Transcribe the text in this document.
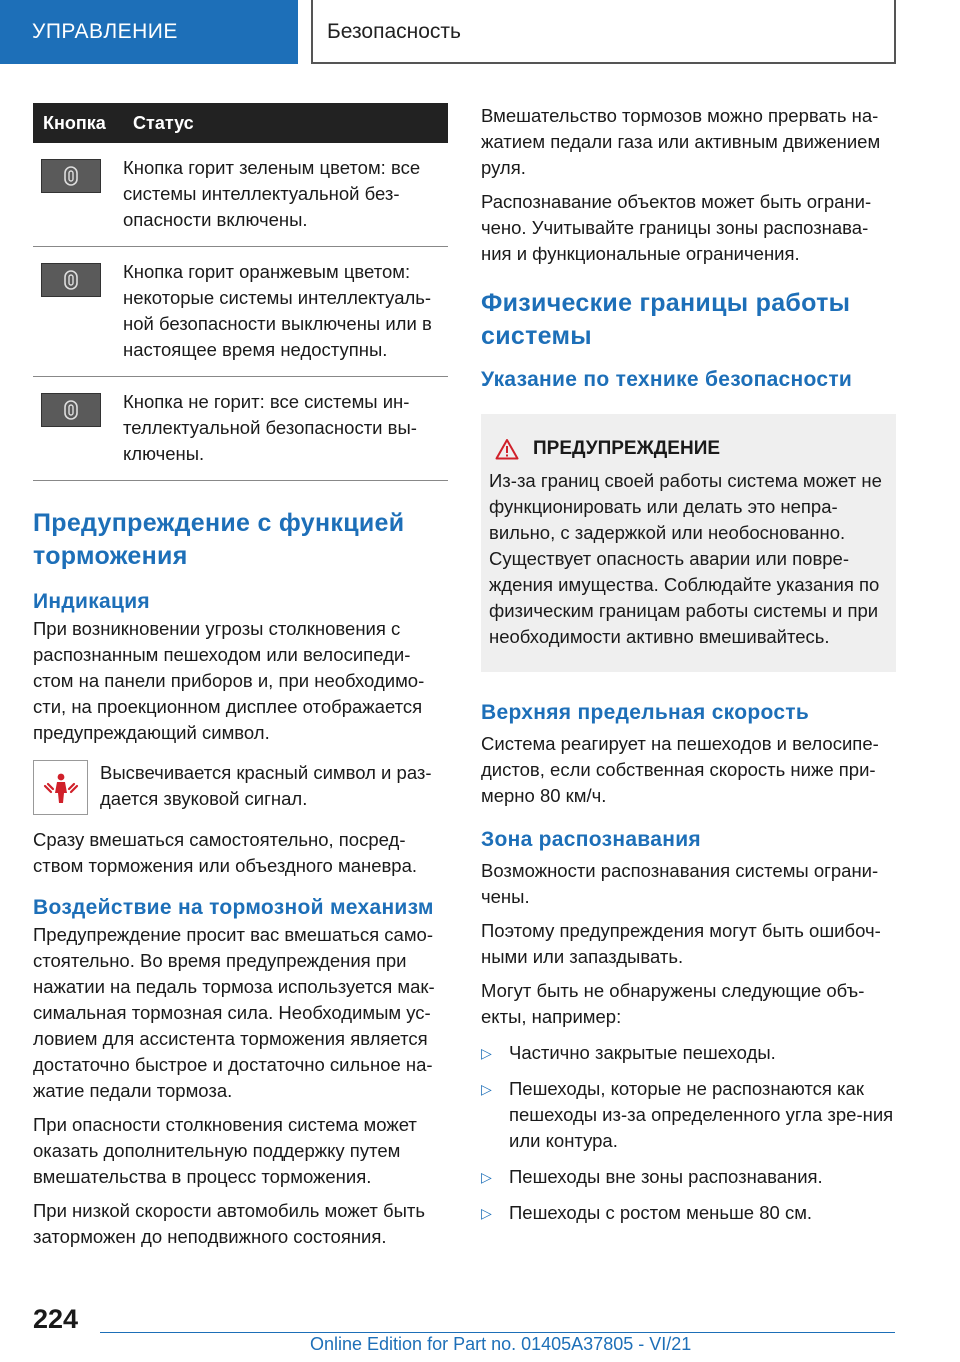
УПРАВЛЕНИЕ	Безопасность
Кнопка	Статус
Кнопка горит зеленым цветом: все системы интеллектуальной без-опасности включены.
Кнопка горит оранжевым цветом: некоторые системы интеллектуаль-ной безопасности выключены или в настоящее время недоступны.
Кнопка не горит: все системы ин-теллектуальной безопасности вы-ключены.
Предупреждение с функцией торможения
Индикация

При возникновении угрозы столкновения с распознанным пешеходом или велосипеди-стом на панели приборов и, при необходимо-сти, на проекционном дисплее отображается предупреждающий символ.

Высвечивается красный символ и раз-дается звуковой сигнал.

Сразу вмешаться самостоятельно, посред-ством торможения или объездного маневра.

Воздействие на тормозной механизм

Предупреждение просит вас вмешаться само-стоятельно. Во время предупреждения при нажатии на педаль тормоза используется мак-симальная тормозная сила. Необходимым ус-ловием для ассистента торможения является достаточно быстрое и достаточно сильное на-жатие педали тормоза.

При опасности столкновения система может оказать дополнительную поддержку путем вмешательства в процесс торможения.

При низкой скорости автомобиль может быть заторможен до неподвижного состояния.

Вмешательство тормозов можно прервать на-жатием педали газа или активным движением руля.

Распознавание объектов может быть ограни-чено. Учитывайте границы зоны распознава-ния и функциональные ограничения.

Физические границы работы системы
Указание по технике безопасности
ПРЕДУПРЕЖДЕНИЕ

Из-за границ своей работы система может не функционировать или делать это непра-вильно, с задержкой или необоснованно. Существует опасность аварии или повре-ждения имущества. Соблюдайте указания по физическим границам работы системы и при необходимости активно вмешивайтесь.

Верхняя предельная скорость

Система реагирует на пешеходов и велосипе-дистов, если собственная скорость ниже при-мерно 80 км/ч.

Зона распознавания

Возможности распознавания системы ограни-чены.

Поэтому предупреждения могут быть ошибоч-ными или запаздывать.

Могут быть не обнаружены следующие объ-екты, например:

▷ Частично закрытые пешеходы.
▷ Пешеходы, которые не распознаются как пешеходы из-за определенного угла зре-ния или контура.
▷ Пешеходы вне зоны распознавания.
▷ Пешеходы с ростом меньше 80 см.
224
Online Edition for Part no. 01405A37805 - VI/21
